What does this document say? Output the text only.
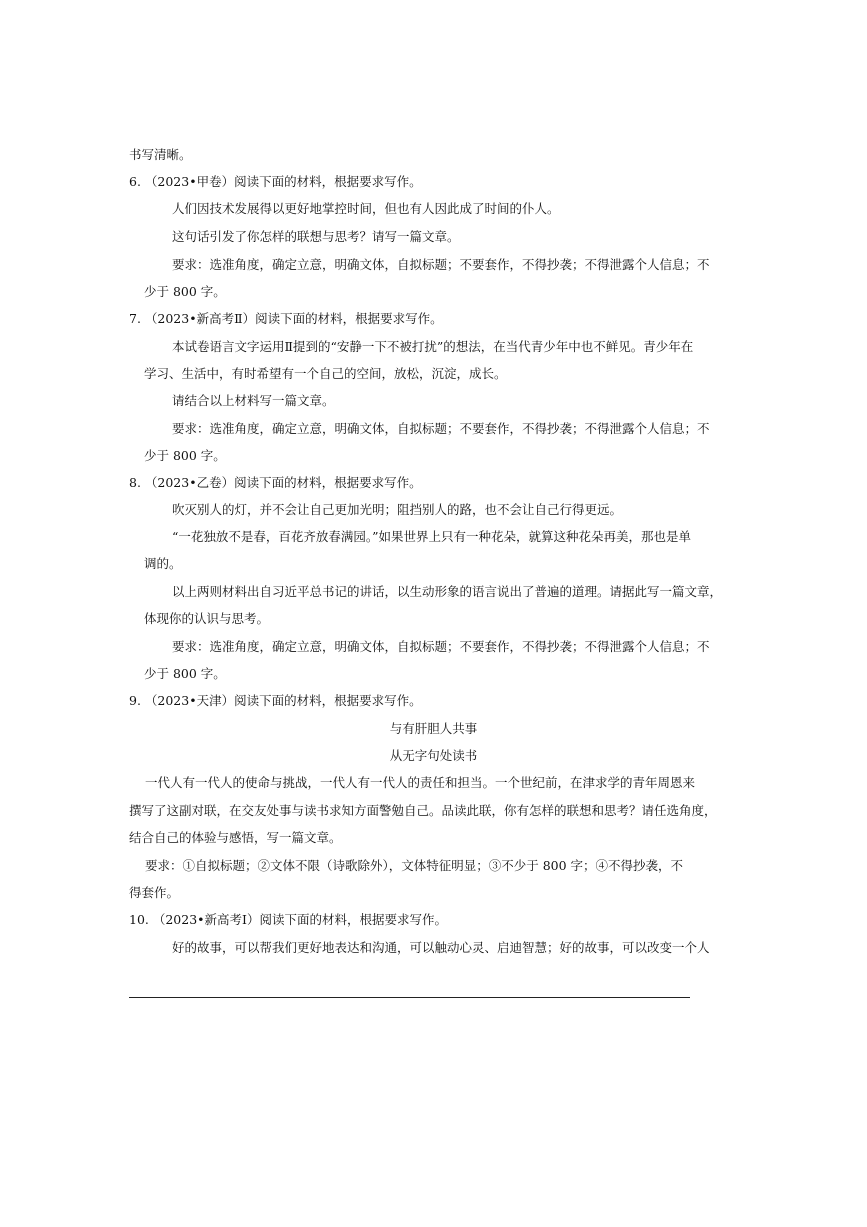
书写清晰。
6. （2023•甲卷）阅读下面的材料，根据要求写作。
人们因技术发展得以更好地掌控时间，但也有人因此成了时间的仆人。
这句话引发了你怎样的联想与思考？请写一篇文章。
要求：选准角度，确定立意，明确文体，自拟标题；不要套作，不得抄袭；不得泄露个人信息；不
少于 800 字。
7. （2023•新高考Ⅱ）阅读下面的材料，根据要求写作。
本试卷语言文字运用Ⅱ提到的“安静一下不被打扰”的想法，在当代青少年中也不鲜见。青少年在
学习、生活中，有时希望有一个自己的空间，放松，沉淀，成长。
请结合以上材料写一篇文章。
要求：选准角度，确定立意，明确文体，自拟标题；不要套作，不得抄袭；不得泄露个人信息；不
少于 800 字。
8. （2023•乙卷）阅读下面的材料，根据要求写作。
吹灭别人的灯，并不会让自己更加光明；阻挡别人的路，也不会让自己行得更远。
“一花独放不是春，百花齐放春满园。”如果世界上只有一种花朵，就算这种花朵再美，那也是单
调的。
以上两则材料出自习近平总书记的讲话，以生动形象的语言说出了普遍的道理。请据此写一篇文章，
体现你的认识与思考。
要求：选准角度，确定立意，明确文体，自拟标题；不要套作，不得抄袭；不得泄露个人信息；不
少于 800 字。
9. （2023•天津）阅读下面的材料，根据要求写作。
与有肝胆人共事
从无字句处读书
一代人有一代人的使命与挑战，一代人有一代人的责任和担当。一个世纪前，在津求学的青年周恩来
撰写了这副对联，在交友处事与读书求知方面警勉自己。品读此联，你有怎样的联想和思考？请任选角度，
结合自己的体验与感悟，写一篇文章。
要求：①自拟标题；②文体不限（诗歌除外），文体特征明显；③不少于 800 字；④不得抄袭，不
得套作。
10. （2023•新高考Ⅰ）阅读下面的材料，根据要求写作。
好的故事，可以帮我们更好地表达和沟通，可以触动心灵、启迪智慧；好的故事，可以改变一个人
